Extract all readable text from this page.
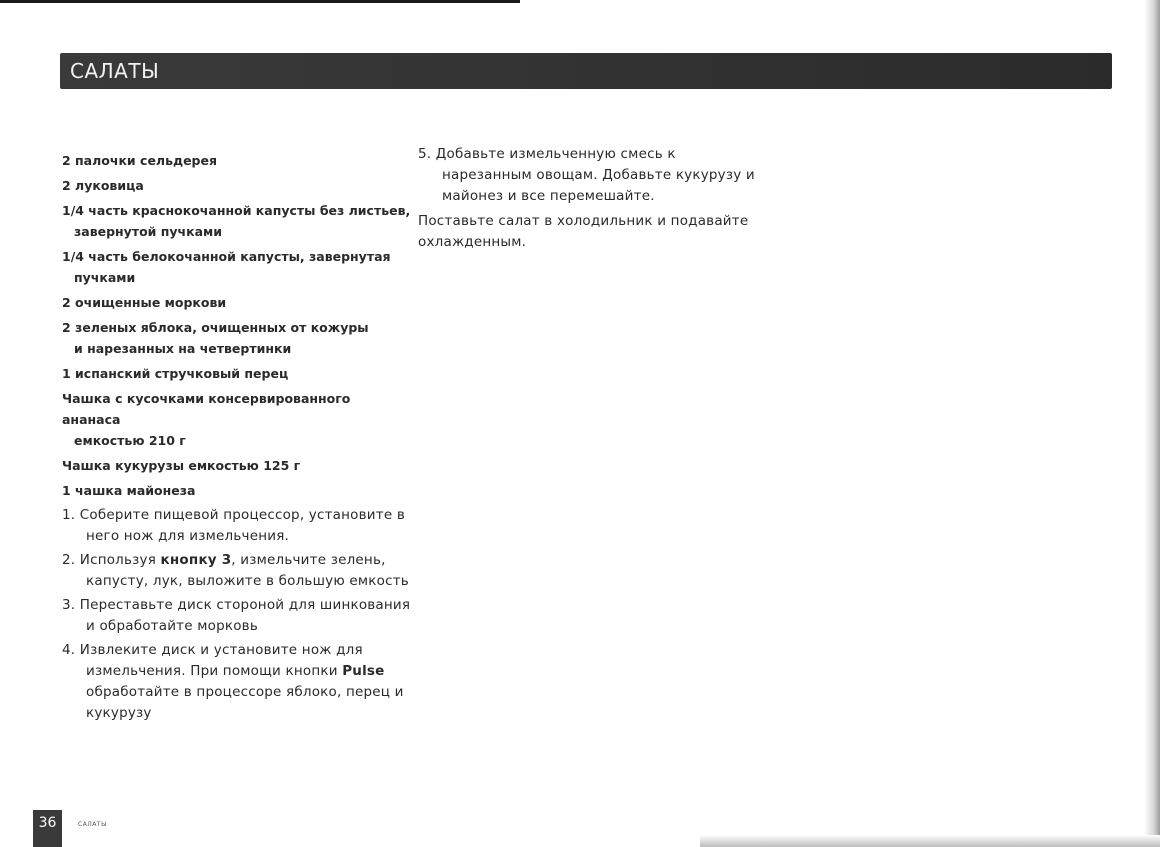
САЛАТЫ
2 палочки сельдерея
2 луковица
1/4 часть краснокочанной капусты без листьев,
завернутой пучками
1/4 часть белокочанной капусты, завернутая
пучками
2 очищенные моркови
2 зеленых яблока, очищенных от кожуры
и нарезанных на четвертинки
1 испанский стручковый перец
Чашка с кусочками консервированного ананаса
емкостью 210 г
Чашка кукурузы емкостью 125 г
1 чашка майонеза

1. Соберите пищевой процессор, установите в него нож для измельчения.

2. Используя кнопку 3, измельчите зелень, капусту, лук, выложите в большую емкость

3. Переставьте диск стороной для шинкования и обработайте морковь

4. Извлеките диск и установите нож для измельчения. При помощи кнопки Pulse обработайте в процессоре яблоко, перец и кукурузу

5. Добавьте измельченную смесь к нарезанным овощам. Добавьте кукурузу и майонез и все перемешайте.

Поставьте салат в холодильник и подавайте охлажденным.

36	САЛАТЫ
